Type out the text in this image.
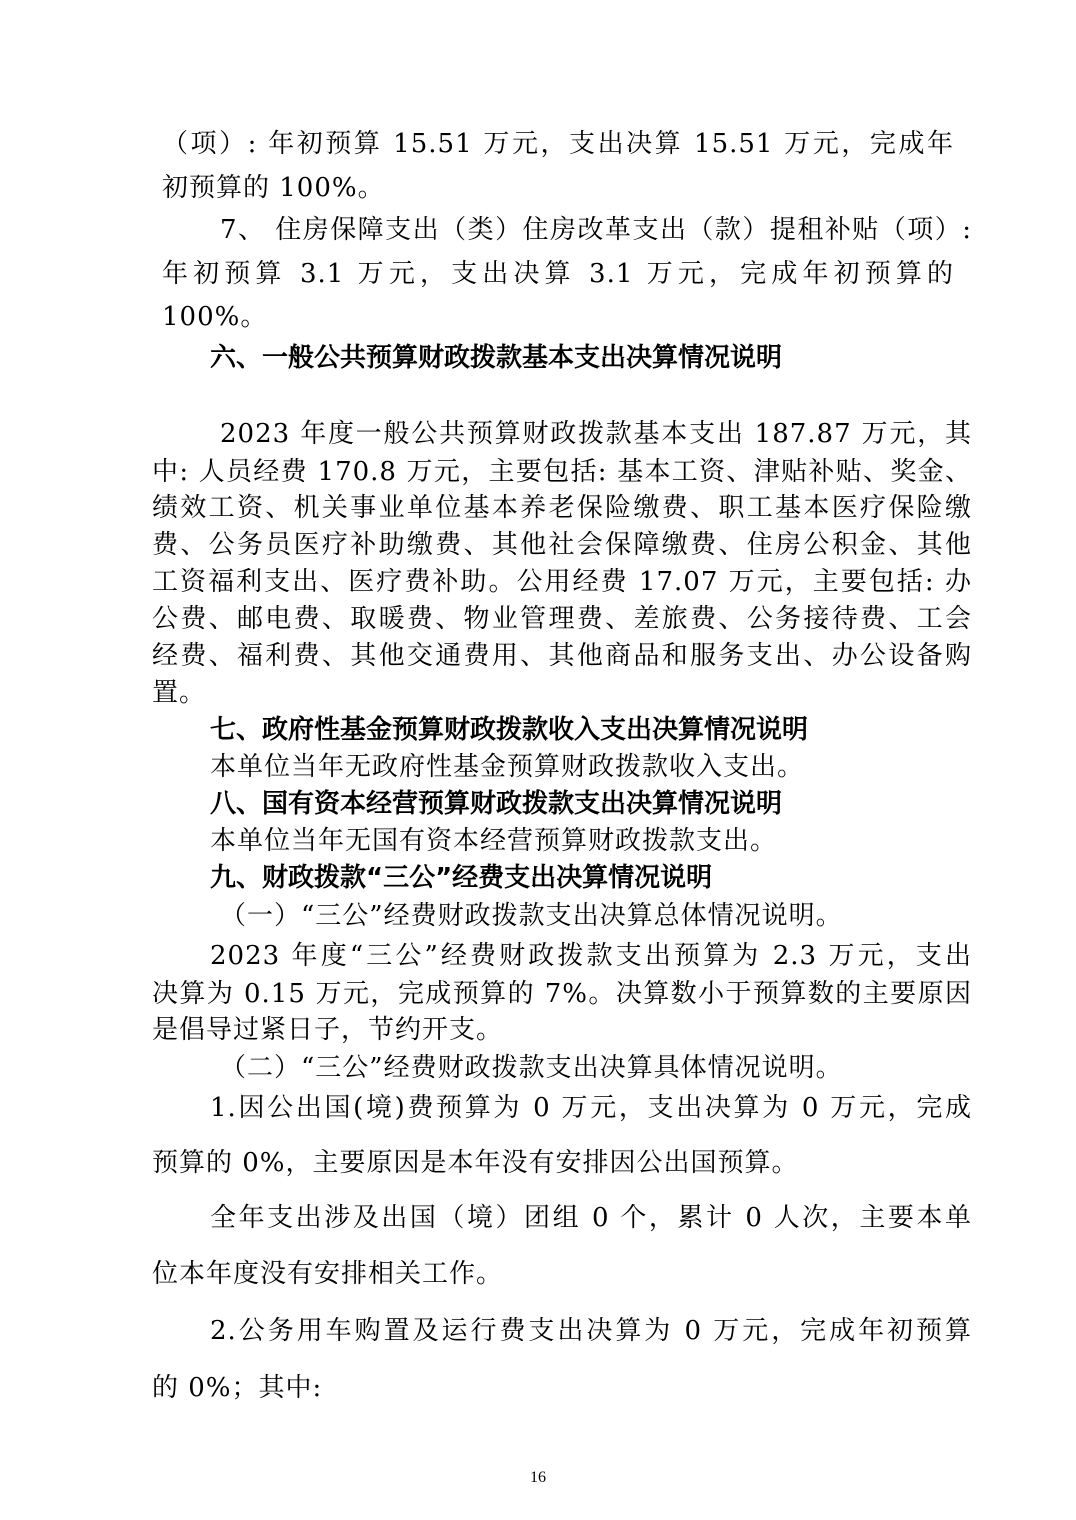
（项）: 年初预算 15.51 万元，支出决算 15.51 万元，完成年
初预算的 100%。
7、 住房保障支出（类）住房改革支出（款）提租补贴（项）:
年初预算 3.1 万元，支出决算 3.1 万元，完成年初预算的
100%。
六、一般公共预算财政拨款基本支出决算情况说明
2023 年度一般公共预算财政拨款基本支出 187.87 万元，其
中: 人员经费 170.8 万元，主要包括: 基本工资、津贴补贴、奖金、
绩效工资、机关事业单位基本养老保险缴费、职工基本医疗保险缴
费、公务员医疗补助缴费、其他社会保障缴费、住房公积金、其他
工资福利支出、医疗费补助。公用经费 17.07 万元，主要包括: 办
公费、邮电费、取暖费、物业管理费、差旅费、公务接待费、工会
经费、福利费、其他交通费用、其他商品和服务支出、办公设备购
置。
七、政府性基金预算财政拨款收入支出决算情况说明
本单位当年无政府性基金预算财政拨款收入支出。
八、国有资本经营预算财政拨款支出决算情况说明
本单位当年无国有资本经营预算财政拨款支出。
九、财政拨款“三公”经费支出决算情况说明
（一）“三公”经费财政拨款支出决算总体情况说明。
2023 年度“三公”经费财政拨款支出预算为 2.3 万元，支出
决算为 0.15 万元，完成预算的 7%。决算数小于预算数的主要原因
是倡导过紧日子，节约开支。
（二）“三公”经费财政拨款支出决算具体情况说明。
1.因公出国(境)费预算为 0 万元，支出决算为 0 万元，完成
预算的 0%，主要原因是本年没有安排因公出国预算。
全年支出涉及出国（境）团组 0 个，累计 0 人次，主要本单
位本年度没有安排相关工作。
2.公务用车购置及运行费支出决算为 0 万元，完成年初预算
的 0%；其中:
16
